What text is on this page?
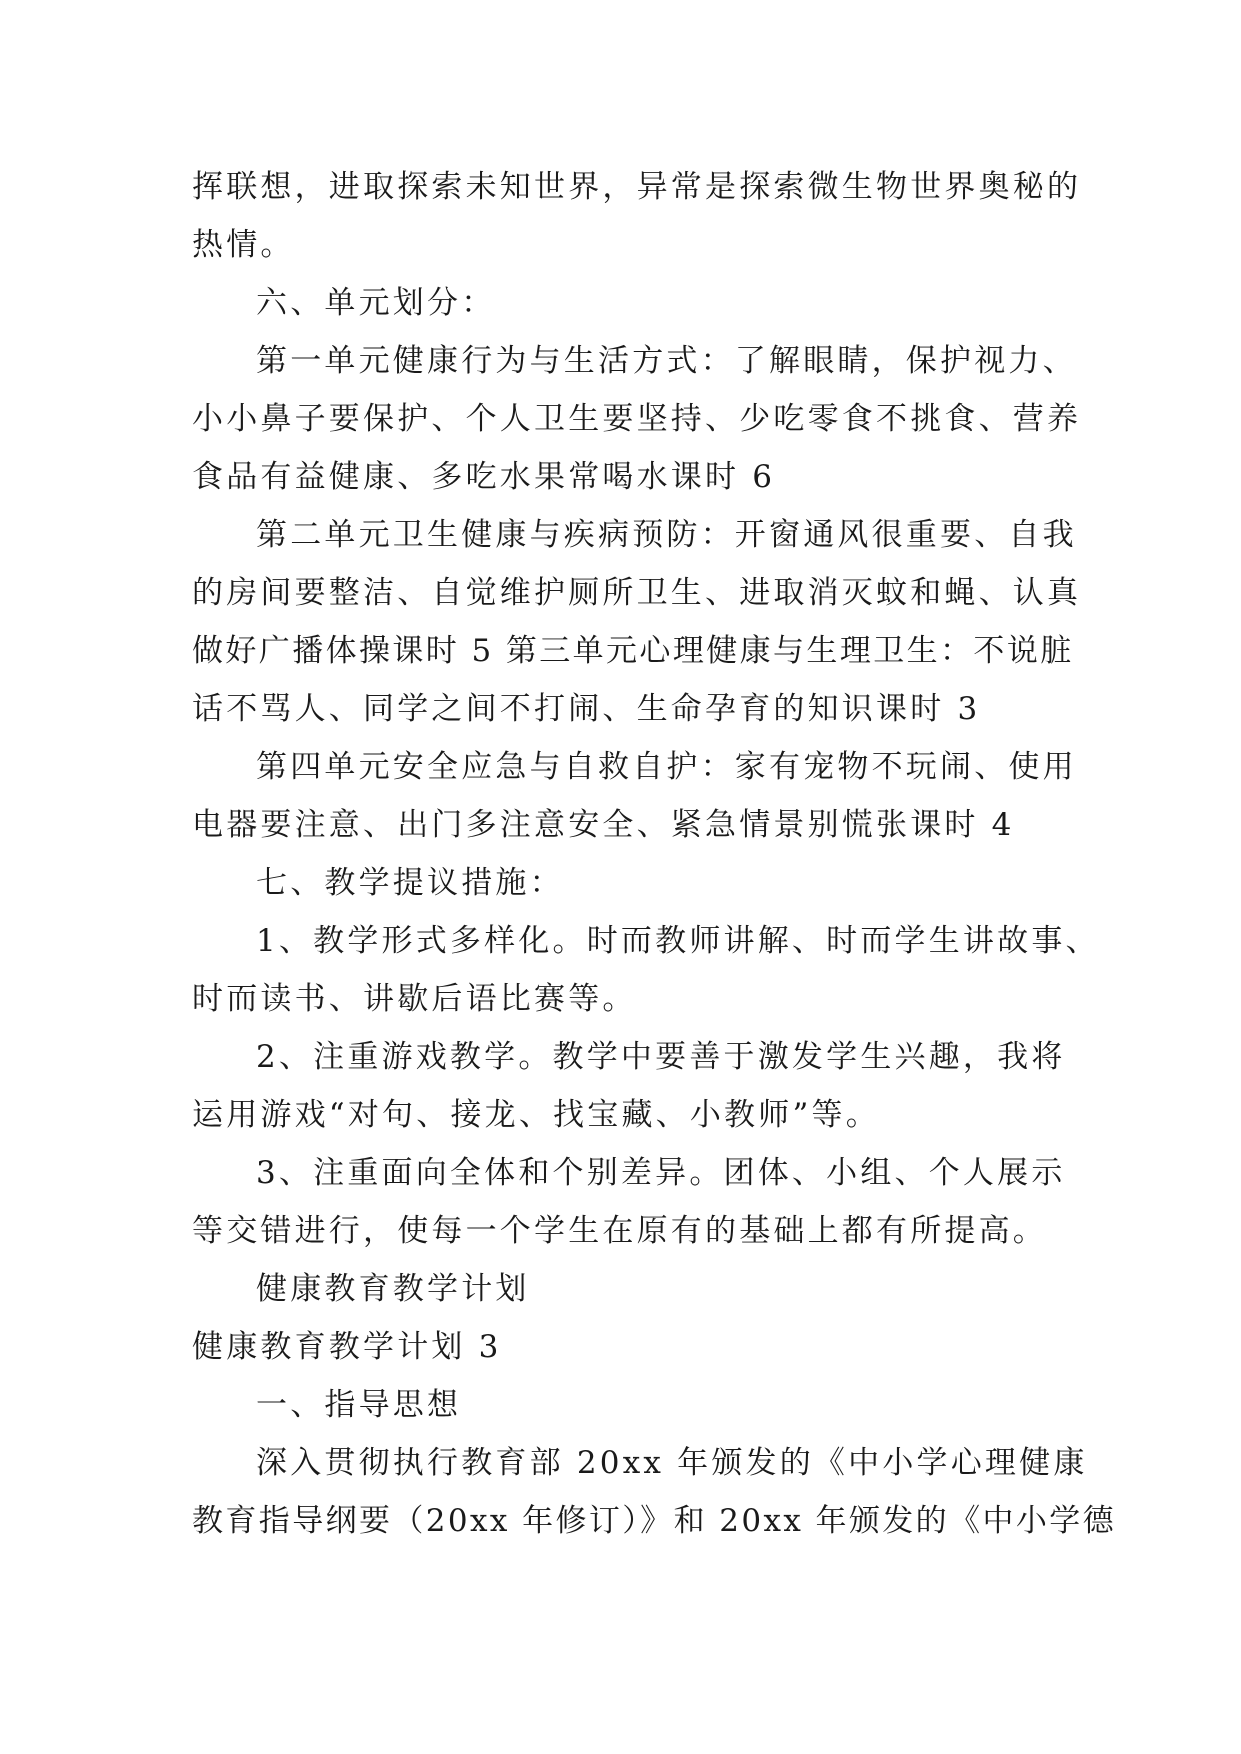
挥联想，进取探索未知世界，异常是探索微生物世界奥秘的
热情。
六、单元划分：
第一单元健康行为与生活方式：了解眼睛，保护视力、
小小鼻子要保护、个人卫生要坚持、少吃零食不挑食、营养
食品有益健康、多吃水果常喝水课时 6
第二单元卫生健康与疾病预防：开窗通风很重要、自我
的房间要整洁、自觉维护厕所卫生、进取消灭蚊和蝇、认真
做好广播体操课时 5 第三单元心理健康与生理卫生：不说脏
话不骂人、同学之间不打闹、生命孕育的知识课时 3
第四单元安全应急与自救自护：家有宠物不玩闹、使用
电器要注意、出门多注意安全、紧急情景别慌张课时 4
七、教学提议措施：
1、教学形式多样化。时而教师讲解、时而学生讲故事、
时而读书、讲歇后语比赛等。
2、注重游戏教学。教学中要善于激发学生兴趣，我将
运用游戏“对句、接龙、找宝藏、小教师”等。
3、注重面向全体和个别差异。团体、小组、个人展示
等交错进行，使每一个学生在原有的基础上都有所提高。
健康教育教学计划
健康教育教学计划 3
一、指导思想
深入贯彻执行教育部 20xx 年颁发的《中小学心理健康
教育指导纲要（20xx 年修订）》和 20xx 年颁发的《中小学德
